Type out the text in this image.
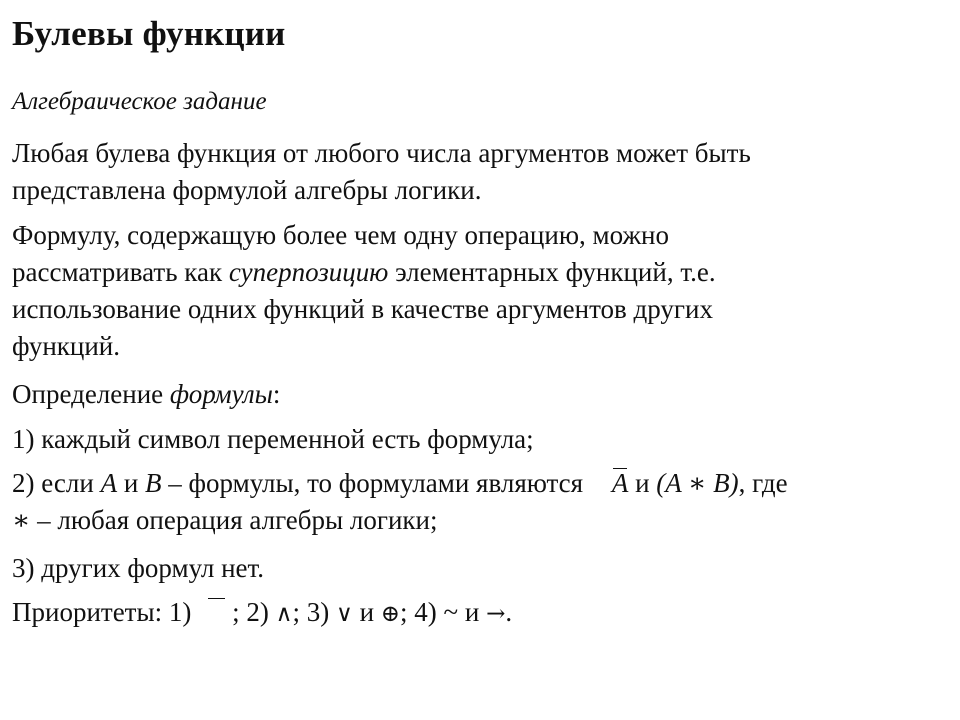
Булевы функции
Алгебраическое задание
Любая булева функция от любого числа аргументов может быть
представлена формулой алгебры логики.
Формулу, содержащую более чем одну операцию, можно
рассматривать как суперпозицию элементарных функций, т.е.
использование одних функций в качестве аргументов других
функций.
Определение формулы:
1) каждый символ переменной есть формула;
2) если A и B – формулы, то формулами являются
A и (A ∗ B), где
∗ – любая операция алгебры логики;
3) других формул нет.
Приоритеты: 1)
; 2) ∧; 3) ∨ и ⊕; 4) ~ и →.
